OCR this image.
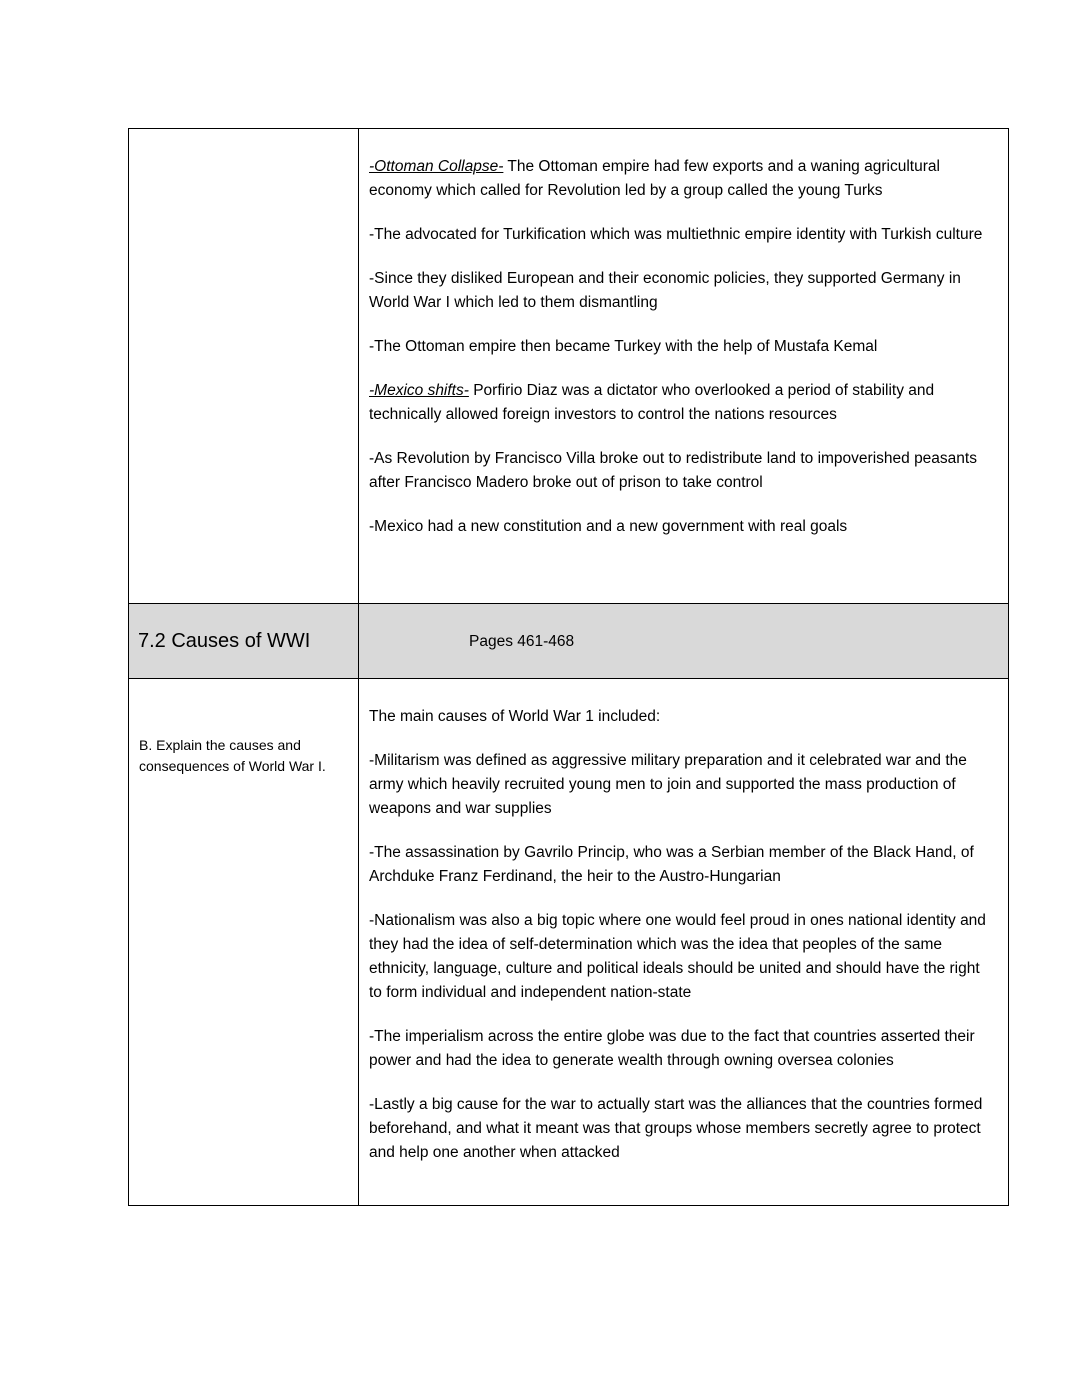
-Ottoman Collapse- The Ottoman empire had few exports and a waning agricultural economy which called for Revolution led by a group called the young Turks

-The advocated for Turkification which was multiethnic empire identity with Turkish culture

-Since they disliked European and their economic policies, they supported Germany in World War I which led to them dismantling

-The Ottoman empire then became Turkey with the help of Mustafa Kemal

-Mexico shifts- Porfirio Diaz was a dictator who overlooked a period of stability and technically allowed foreign investors to control the nations resources

-As Revolution by Francisco Villa broke out to redistribute land to impoverished peasants after Francisco Madero broke out of prison to take control

-Mexico had a new constitution and a new government with real goals

7.2 Causes of WWI	Pages 461-468
B. Explain the causes and consequences of World War I.

The main causes of World War 1 included:

-Militarism was defined as aggressive military preparation and it celebrated war and the army which heavily recruited young men to join and supported the mass production of weapons and war supplies

-The assassination by Gavrilo Princip, who was a Serbian member of the Black Hand, of Archduke Franz Ferdinand, the heir to the Austro-Hungarian

-Nationalism was also a big topic where one would feel proud in ones national identity and they had the idea of self-determination which was the idea that peoples of the same ethnicity, language, culture and political ideals should be united and should have the right to form individual and independent nation-state

-The imperialism across the entire globe was due to the fact that countries asserted their power and had the idea to generate wealth through owning oversea colonies

-Lastly a big cause for the war to actually start was the alliances that the countries formed beforehand, and what it meant was that groups whose members secretly agree to protect and help one another when attacked
